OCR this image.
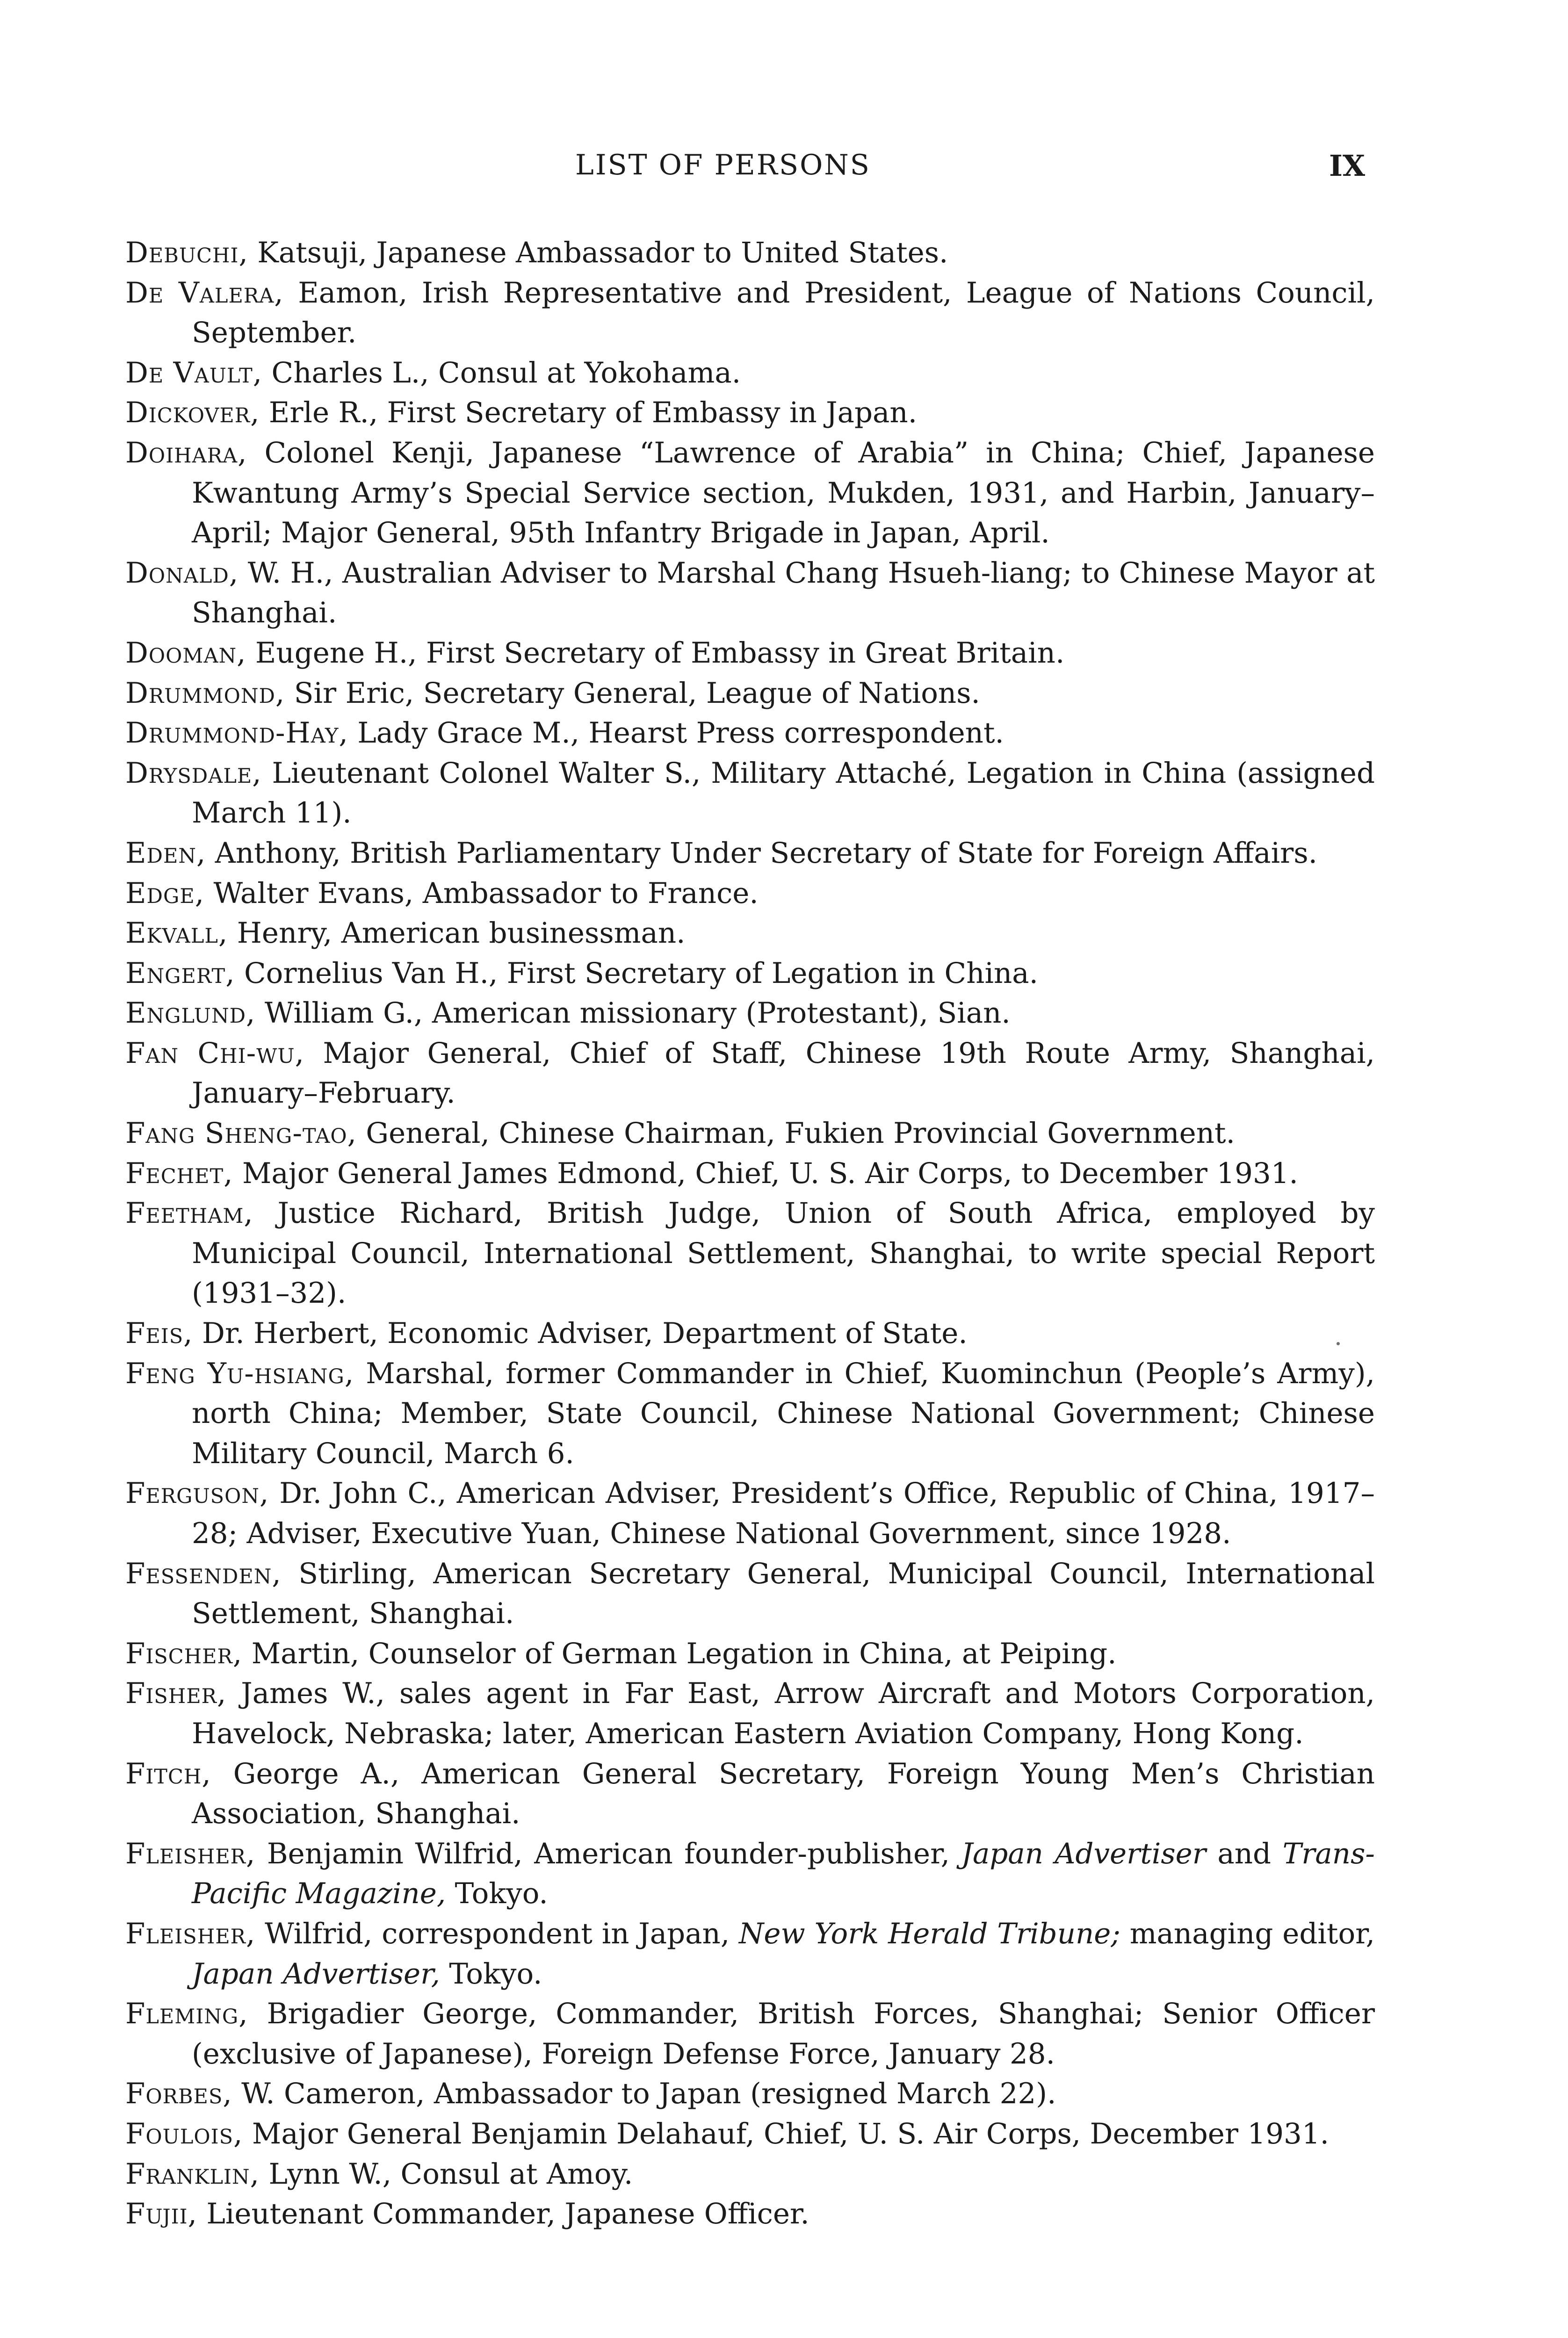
LIST OF PERSONS	IX
Debuchi, Katsuji, Japanese Ambassador to United States.
De Valera, Eamon, Irish Representative and President, League of Nations Council, September.
De Vault, Charles L., Consul at Yokohama.
Dickover, Erle R., First Secretary of Embassy in Japan.
Doihara, Colonel Kenji, Japanese “Lawrence of Arabia” in China; Chief, Japanese Kwantung Army’s Special Service section, Mukden, 1931, and Harbin, January–April; Major General, 95th Infantry Brigade in Japan, April.
Donald, W. H., Australian Adviser to Marshal Chang Hsueh-liang; to Chinese Mayor at Shanghai.
Dooman, Eugene H., First Secretary of Embassy in Great Britain.
Drummond, Sir Eric, Secretary General, League of Nations.
Drummond-Hay, Lady Grace M., Hearst Press correspondent.
Drysdale, Lieutenant Colonel Walter S., Military Attaché, Legation in China (assigned March 11).
Eden, Anthony, British Parliamentary Under Secretary of State for Foreign Affairs.
Edge, Walter Evans, Ambassador to France.
Ekvall, Henry, American businessman.
Engert, Cornelius Van H., First Secretary of Legation in China.
Englund, William G., American missionary (Protestant), Sian.
Fan Chi-wu, Major General, Chief of Staff, Chinese 19th Route Army, Shanghai, January–February.
Fang Sheng-tao, General, Chinese Chairman, Fukien Provincial Government.
Fechet, Major General James Edmond, Chief, U. S. Air Corps, to December 1931.
Feetham, Justice Richard, British Judge, Union of South Africa, employed by Municipal Council, International Settlement, Shanghai, to write special Report (1931–32).
Feis, Dr. Herbert, Economic Adviser, Department of State.
Feng Yu-hsiang, Marshal, former Commander in Chief, Kuominchun (People’s Army), north China; Member, State Council, Chinese National Government; Chinese Military Council, March 6.
Ferguson, Dr. John C., American Adviser, President’s Office, Republic of China, 1917–28; Adviser, Executive Yuan, Chinese National Government, since 1928.
Fessenden, Stirling, American Secretary General, Municipal Council, International Settlement, Shanghai.
Fischer, Martin, Counselor of German Legation in China, at Peiping.
Fisher, James W., sales agent in Far East, Arrow Aircraft and Motors Corporation, Havelock, Nebraska; later, American Eastern Aviation Company, Hong Kong.
Fitch, George A., American General Secretary, Foreign Young Men’s Christian Association, Shanghai.
Fleisher, Benjamin Wilfrid, American founder-publisher, Japan Advertiser and Trans-Pacific Magazine, Tokyo.
Fleisher, Wilfrid, correspondent in Japan, New York Herald Tribune; managing editor, Japan Advertiser, Tokyo.
Fleming, Brigadier George, Commander, British Forces, Shanghai; Senior Officer (exclusive of Japanese), Foreign Defense Force, January 28.
Forbes, W. Cameron, Ambassador to Japan (resigned March 22).
Foulois, Major General Benjamin Delahauf, Chief, U. S. Air Corps, December 1931.
Franklin, Lynn W., Consul at Amoy.
Fujii, Lieutenant Commander, Japanese Officer.
